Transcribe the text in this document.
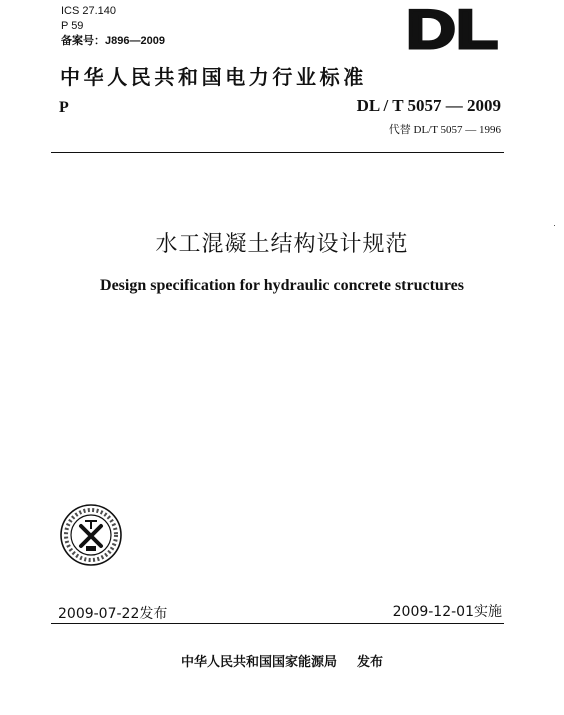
ICS 27.140
P 59
备案号：J896—2009	DL
中华人民共和国电力行业标准
P	DL / T 5057 — 2009
代替 DL/T 5057 — 1996
水工混凝土结构设计规范
Design specification for hydraulic concrete structures
2009-07-22发布	2009-12-01实施
中华人民共和国国家能源局 发布
